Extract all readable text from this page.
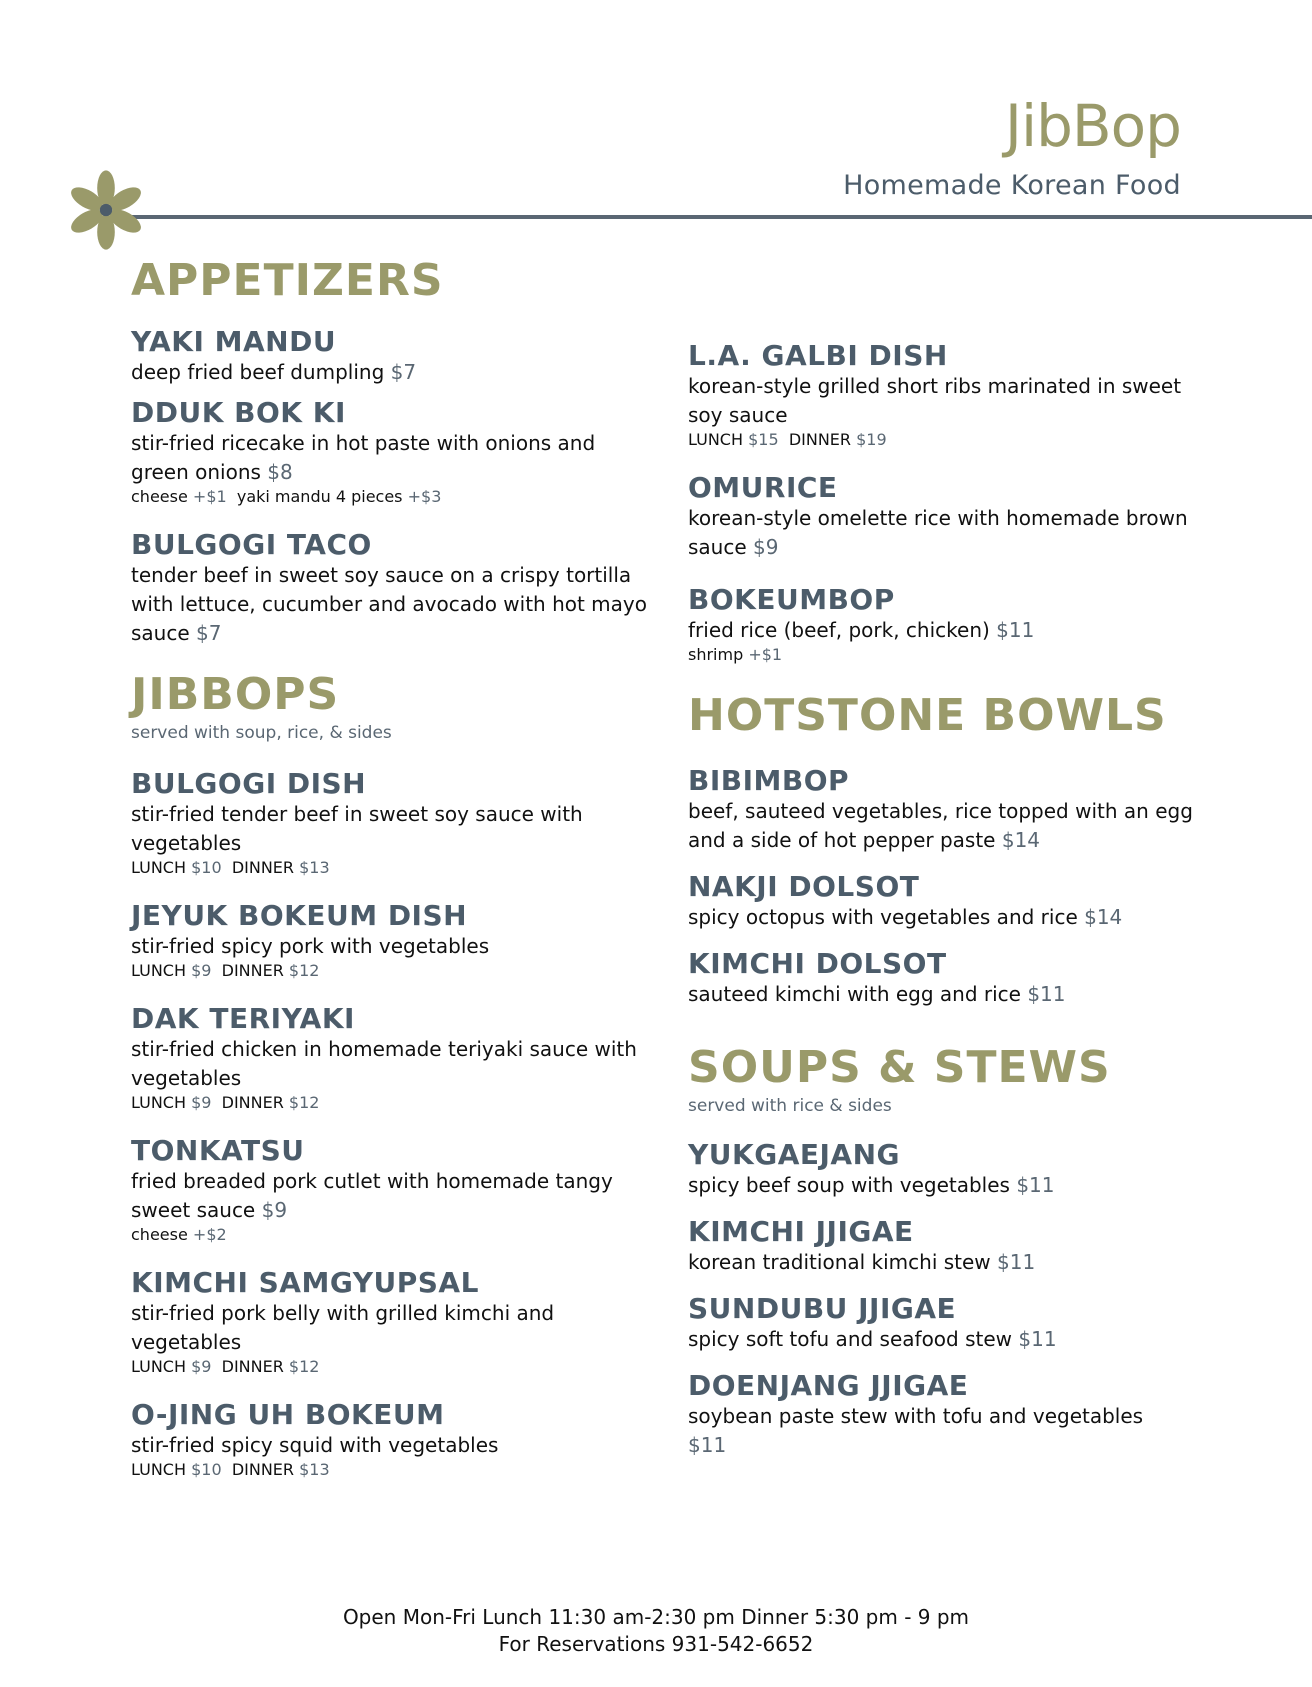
JibBop
Homemade Korean Food
APPETIZERS
YAKI MANDU
deep fried beef dumpling $7
DDUK BOK KI
stir-fried ricecake in hot paste with onions and green onions $8
cheese +$1 yaki mandu 4 pieces +$3
BULGOGI TACO
tender beef in sweet soy sauce on a crispy tortilla with lettuce, cucumber and avocado with hot mayo sauce $7
JIBBOPS
served with soup, rice, & sides
BULGOGI DISH
stir-fried tender beef in sweet soy sauce with vegetables
LUNCH $10 DINNER $13
JEYUK BOKEUM DISH
stir-fried spicy pork with vegetables
LUNCH $9 DINNER $12
DAK TERIYAKI
stir-fried chicken in homemade teriyaki sauce with vegetables
LUNCH $9 DINNER $12
TONKATSU
fried breaded pork cutlet with homemade tangy sweet sauce $9
cheese +$2
KIMCHI SAMGYUPSAL
stir-fried pork belly with grilled kimchi and vegetables
LUNCH $9 DINNER $12
O-JING UH BOKEUM
stir-fried spicy squid with vegetables
LUNCH $10 DINNER $13
L.A. GALBI DISH
korean-style grilled short ribs marinated in sweet soy sauce
LUNCH $15 DINNER $19
OMURICE
korean-style omelette rice with homemade brown sauce $9
BOKEUMBOP
fried rice (beef, pork, chicken) $11
shrimp +$1
HOTSTONE BOWLS
BIBIMBOP
beef, sauteed vegetables, rice topped with an egg and a side of hot pepper paste $14
NAKJI DOLSOT
spicy octopus with vegetables and rice $14
KIMCHI DOLSOT
sauteed kimchi with egg and rice $11
SOUPS & STEWS
served with rice & sides
YUKGAEJANG
spicy beef soup with vegetables $11
KIMCHI JJIGAE
korean traditional kimchi stew $11
SUNDUBU JJIGAE
spicy soft tofu and seafood stew $11
DOENJANG JJIGAE
soybean paste stew with tofu and vegetables
$11
Open Mon-Fri Lunch 11:30 am-2:30 pm Dinner 5:30 pm - 9 pm
For Reservations 931-542-6652
